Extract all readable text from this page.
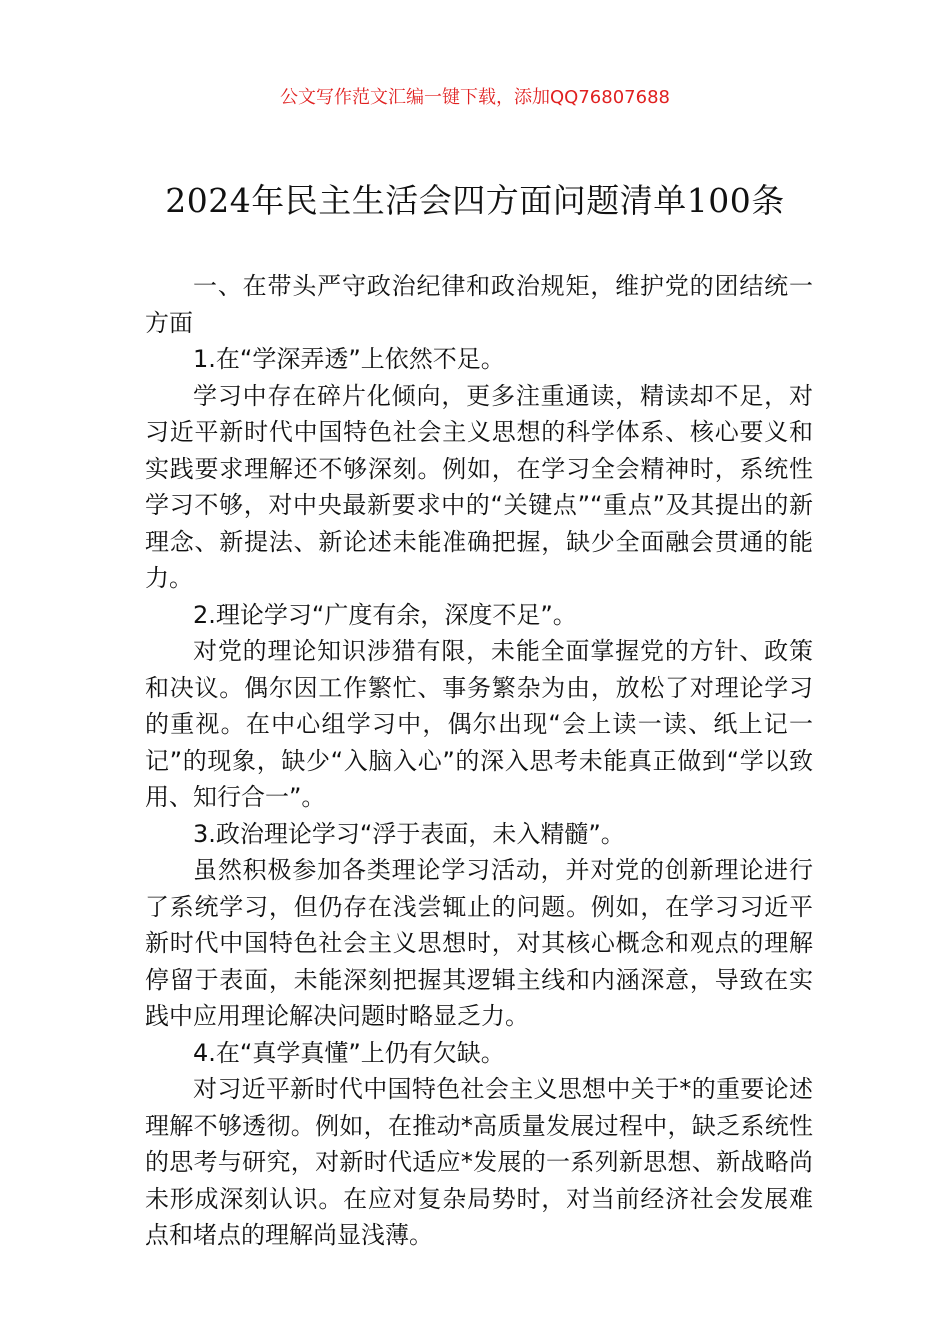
公文写作范文汇编一键下载，添加QQ76807688
2024年民主生活会四方面问题清单100条

一、在带头严守政治纪律和政治规矩，维护党的团结统一方面

1.在“学深弄透”上依然不足。

学习中存在碎片化倾向，更多注重通读，精读却不足，对习近平新时代中国特色社会主义思想的科学体系、核心要义和实践要求理解还不够深刻。例如，在学习全会精神时，系统性学习不够，对中央最新要求中的“关键点”“重点”及其提出的新理念、新提法、新论述未能准确把握，缺少全面融会贯通的能力。

2.理论学习“广度有余，深度不足”。

对党的理论知识涉猎有限，未能全面掌握党的方针、政策和决议。偶尔因工作繁忙、事务繁杂为由，放松了对理论学习的重视。在中心组学习中，偶尔出现“会上读一读、纸上记一记”的现象，缺少“入脑入心”的深入思考未能真正做到“学以致用、知行合一”。

3.政治理论学习“浮于表面，未入精髓”。

虽然积极参加各类理论学习活动，并对党的创新理论进行了系统学习，但仍存在浅尝辄止的问题。例如，在学习习近平新时代中国特色社会主义思想时，对其核心概念和观点的理解停留于表面，未能深刻把握其逻辑主线和内涵深意，导致在实践中应用理论解决问题时略显乏力。

4.在“真学真懂”上仍有欠缺。

对习近平新时代中国特色社会主义思想中关于*的重要论述理解不够透彻。例如，在推动*高质量发展过程中，缺乏系统性的思考与研究，对新时代适应*发展的一系列新思想、新战略尚未形成深刻认识。在应对复杂局势时，对当前经济社会发展难点和堵点的理解尚显浅薄。
